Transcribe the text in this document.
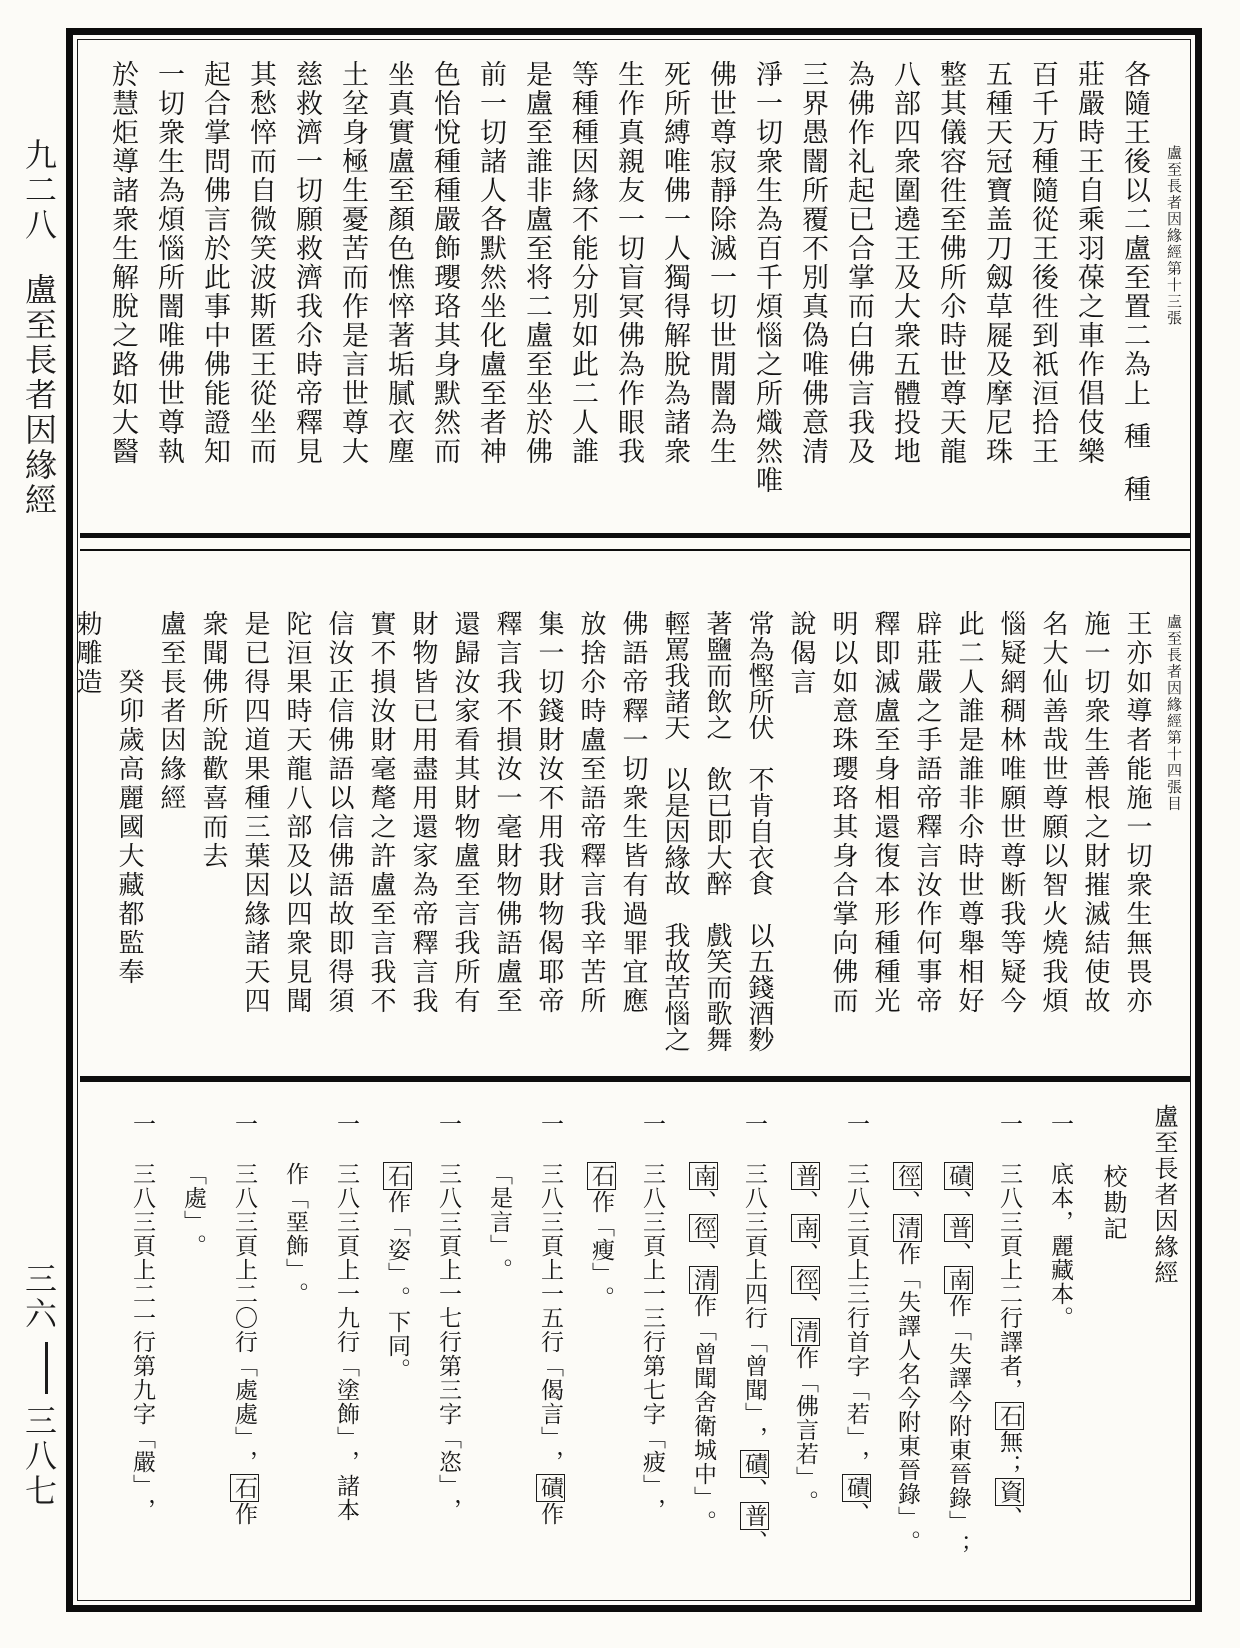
九二八盧至長者因緣經
三六三八七
盧至長者因緣經第十三張
各隨王後以二盧至置二為上種種
莊嚴時王自乘羽葆之車作倡伎樂
百千万種隨從王後徃到祇洹拾王
五種天冠寶盖刀劔草屣及摩尼珠
整其儀容徃至佛所尒時世尊天龍
八部四衆圍遶王及大衆五體投地
為佛作礼起已合掌而白佛言我及
三界愚闇所覆不別真偽唯佛意清
淨一切衆生為百千煩惱之所熾然唯
佛世尊寂靜除滅一切世閒闇為生
死所縛唯佛一人獨得解脫為諸衆
生作真親友一切盲冥佛為作眼我
等種種因緣不能分別如此二人誰
是盧至誰非盧至将二盧至坐於佛
前一切諸人各默然坐化盧至者神
色怡悅種種嚴飾瓔珞其身默然而
坐真實盧至顏色憔悴著垢膩衣塵
土坌身極生憂苦而作是言世尊大
慈救濟一切願救濟我尒時帝釋見
其愁悴而自微笑波斯匿王從坐而
起合掌問佛言於此事中佛能證知
一切衆生為煩惱所闇唯佛世尊執
於慧炬導諸衆生解脫之路如大醫
盧至長者因緣經第十四張目
王亦如導者能施一切衆生無畏亦
施一切衆生善根之財摧滅結使故
名大仙善哉世尊願以智火燒我煩
惱疑網稠林唯願世尊断我等疑今
此二人誰是誰非尒時世尊舉相好
辟莊嚴之手語帝釋言汝作何事帝
釋即滅盧至身相還復本形種種光
明以如意珠瓔珞其身合掌向佛而
說偈言
常為慳所伏　不肯自衣食　以五錢酒麨
著鹽而飲之　飲已即大醉　戲笑而歌舞
輕罵我諸天　以是因緣故　我故苦惱之
佛語帝釋一切衆生皆有過罪宜應
放捨尒時盧至語帝釋言我辛苦所
集一切錢財汝不用我財物偈耶帝
釋言我不損汝一毫財物佛語盧至
還歸汝家看其財物盧至言我所有
財物皆已用盡用還家為帝釋言我
實不損汝財毫氂之許盧至言我不
信汝正信佛語以信佛語故即得須
陀洹果時天龍八部及以四衆見聞
是已得四道果種三葉因緣諸天四
衆聞佛所說歡喜而去
盧至長者因緣經
癸卯歲高麗國大藏都監奉
勅雕造
盧至長者因緣經
校勘記
一底本，麗藏本。
一三八三頁上二行譯者，石無；資、
磧、普、南作﹁失譯今附東晉錄﹂；
徑、清作﹁失譯人名今附東晉錄﹂。
一三八三頁上三行首字﹁若﹂，磧、
普、南、徑、清作﹁佛言若﹂。
一三八三頁上四行﹁曾聞﹂，磧、普、
南、徑、清作﹁曾聞舍衛城中﹂。
一三八三頁上一三行第七字﹁疲﹂，
石作﹁瘦﹂。
一三八三頁上一五行﹁偈言﹂，磧作
﹁是言﹂。
一三八三頁上一七行第三字﹁恣﹂，
石作﹁姿﹂。下同。
一三八三頁上一九行﹁塗飾﹂，諸本
作﹁堊飾﹂。
一三八三頁上二〇行﹁處處﹂，石作
﹁處﹂。
一三八三頁上二一行第九字﹁嚴﹂，
